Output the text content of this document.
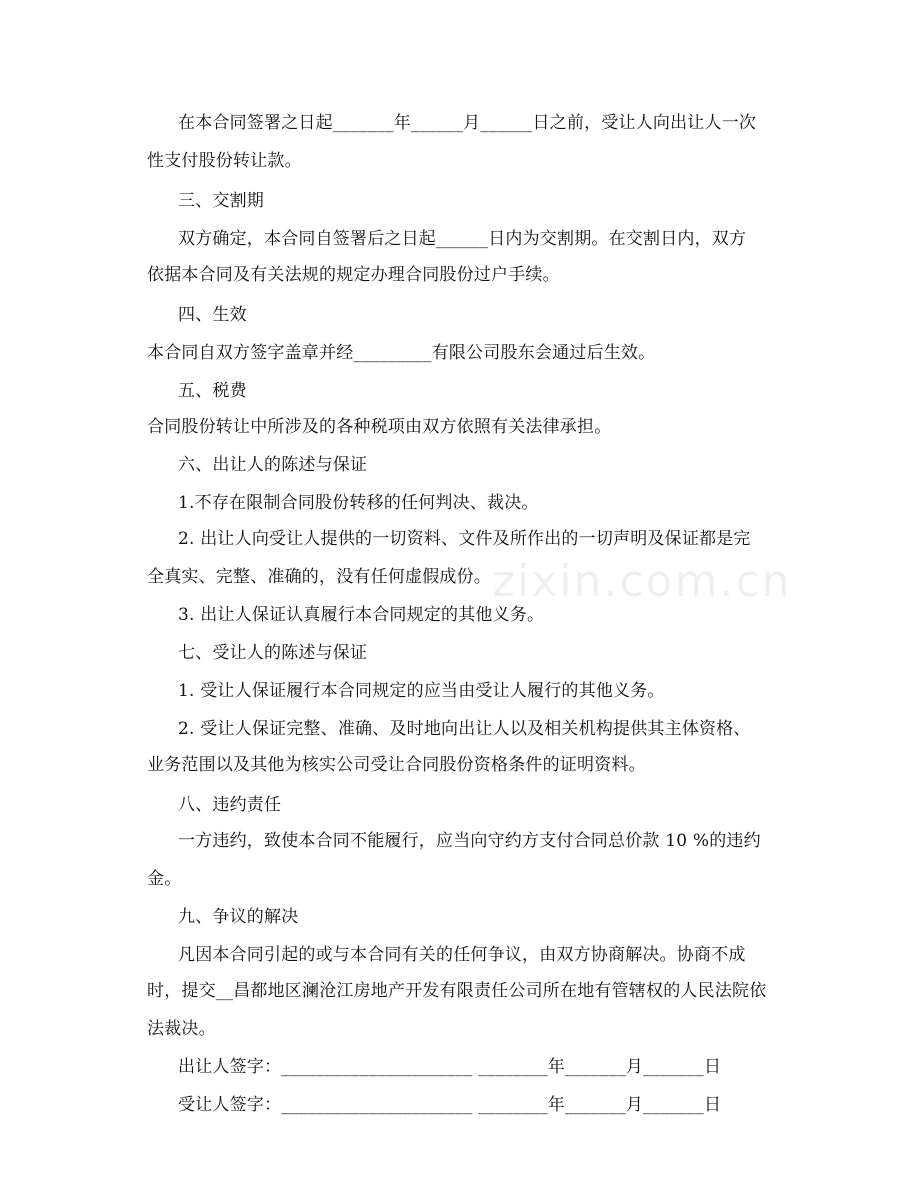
zixin.com.cn
在本合同签署之日起_______年______月______日之前，受让人向出让人一次
性支付股份转让款。
三、交割期
双方确定，本合同自签署后之日起______日内为交割期。在交割日内，双方
依据本合同及有关法规的规定办理合同股份过户手续。
四、生效
本合同自双方签字盖章并经_________有限公司股东会通过后生效。
五、税费
合同股份转让中所涉及的各种税项由双方依照有关法律承担。
六、出让人的陈述与保证
1.不存在限制合同股份转移的任何判决、裁决。
2. 出让人向受让人提供的一切资料、文件及所作出的一切声明及保证都是完
全真实、完整、准确的，没有任何虚假成份。
3. 出让人保证认真履行本合同规定的其他义务。
七、受让人的陈述与保证
1. 受让人保证履行本合同规定的应当由受让人履行的其他义务。
2. 受让人保证完整、准确、及时地向出让人以及相关机构提供其主体资格、
业务范围以及其他为核实公司受让合同股份资格条件的证明资料。
八、违约责任
一方违约，致使本合同不能履行，应当向守约方支付合同总价款 10 %的违约
金。
九、争议的解决
凡因本合同引起的或与本合同有关的任何争议，由双方协商解决。协商不成
时，提交__昌都地区澜沧江房地产开发有限责任公司所在地有管辖权的人民法院依
法裁决。
出让人签字：______________________ ________年_______月_______日
受让人签字：______________________ ________年_______月_______日
